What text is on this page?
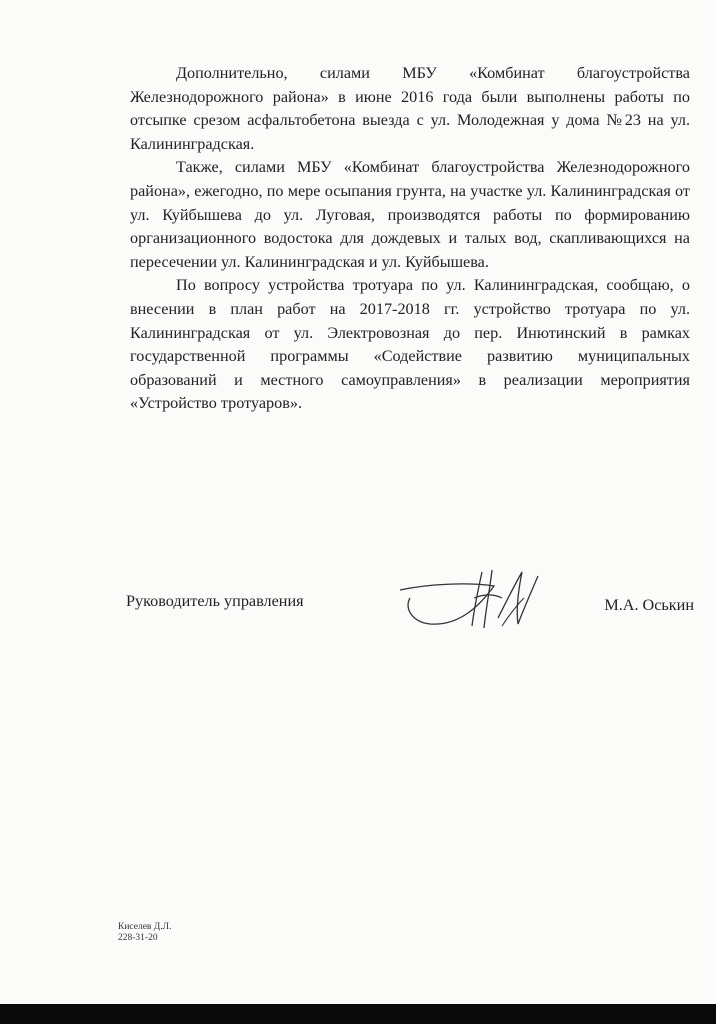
Дополнительно, силами МБУ «Комбинат благоустройства Железнодорожного района» в июне 2016 года были выполнены работы по отсыпке срезом асфальтобетона выезда с ул. Молодежная у дома №23 на ул. Калининградская.

Также, силами МБУ «Комбинат благоустройства Железнодорожного района», ежегодно, по мере осыпания грунта, на участке ул. Калининградская от ул. Куйбышева до ул. Луговая, производятся работы по формированию организационного водостока для дождевых и талых вод, скапливающихся на пересечении ул. Калининградская и ул. Куйбышева.

По вопросу устройства тротуара по ул. Калининградская, сообщаю, о внесении в план работ на 2017-2018 гг. устройство тротуара по ул. Калининградская от ул. Электровозная до пер. Инютинский в рамках государственной программы «Содействие развитию муниципальных образований и местного самоуправления» в реализации мероприятия «Устройство тротуаров».

Руководитель управления	М.А. Оськин
Киселев Д.Л.
228-31-20
